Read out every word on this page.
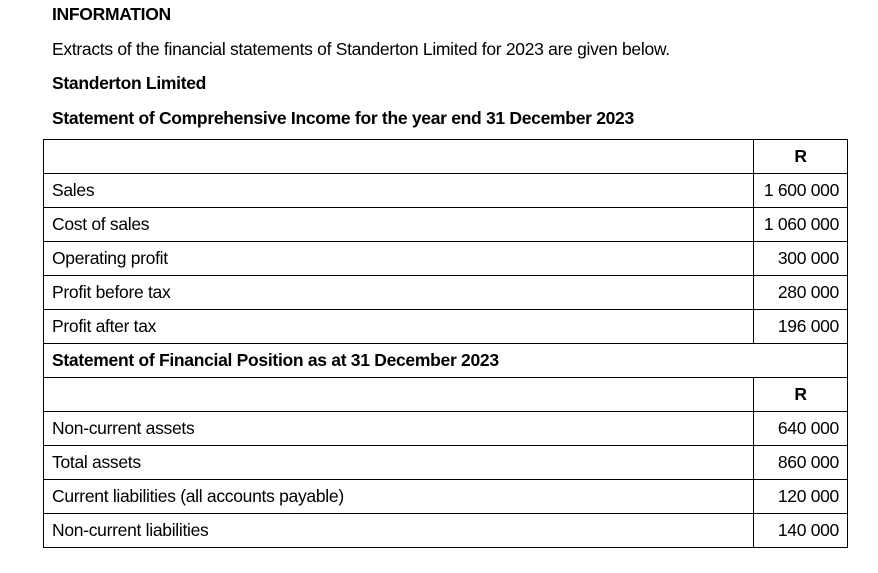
INFORMATION
Extracts of the financial statements of Standerton Limited for 2023 are given below.
Standerton Limited
Statement of Comprehensive Income for the year end 31 December 2023
	R
Sales	1 600 000
Cost of sales	1 060 000
Operating profit	300 000
Profit before tax	280 000
Profit after tax	196 000
Statement of Financial Position as at 31 December 2023	
	R
Non-current assets	640 000
Total assets	860 000
Current liabilities (all accounts payable)	120 000
Non-current liabilities	140 000
